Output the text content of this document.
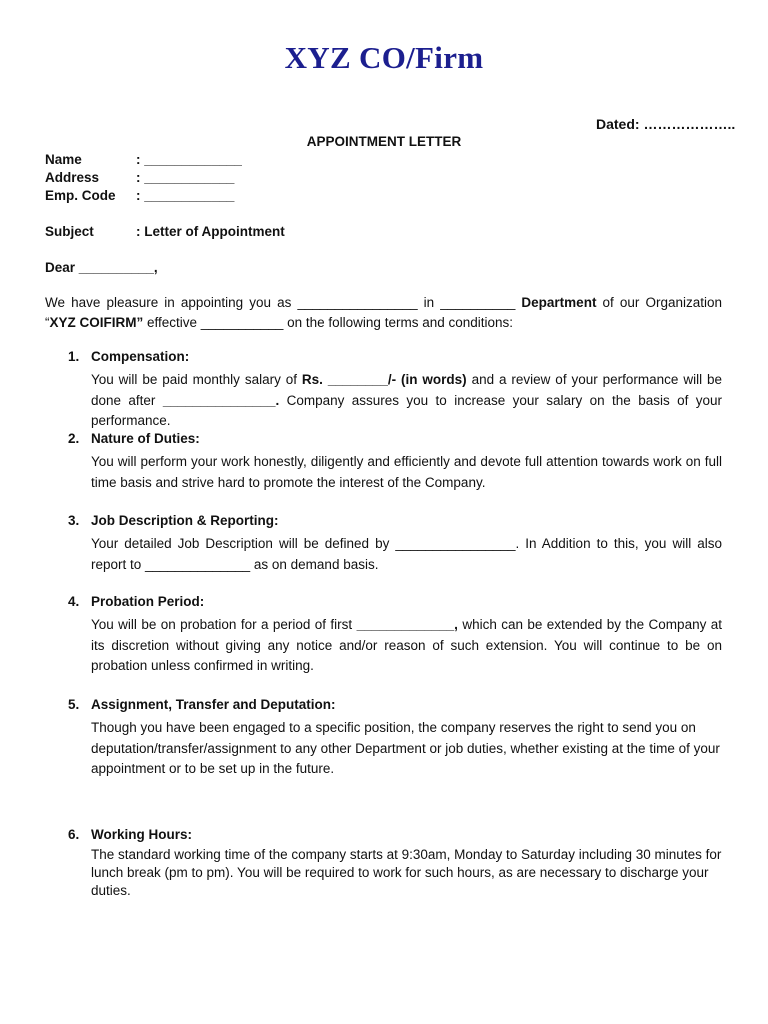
XYZ CO/Firm
Dated: ………………..
APPOINTMENT LETTER
Name	: _____________
Address	: ____________
Emp. Code : ____________
Subject	: Letter of Appointment
Dear __________,
We have pleasure in appointing you as ________________ in __________ Department of our Organization “XYZ COIFIRM” effective ___________ on the following terms and conditions:
1. Compensation:
You will be paid monthly salary of Rs. ________/- (in words) and a review of your performance will be done after _______________. Company assures you to increase your salary on the basis of your performance.
2. Nature of Duties:
You will perform your work honestly, diligently and efficiently and devote full attention towards work on full time basis and strive hard to promote the interest of the Company.
3. Job Description & Reporting:
Your detailed Job Description will be defined by ________________. In Addition to this, you will also report to ______________ as on demand basis.
4. Probation Period:
You will be on probation for a period of first _____________, which can be extended by the Company at its discretion without giving any notice and/or reason of such extension. You will continue to be on probation unless confirmed in writing.
5. Assignment, Transfer and Deputation:
Though you have been engaged to a specific position, the company reserves the right to send you on deputation/transfer/assignment to any other Department or job duties, whether existing at the time of your appointment or to be set up in the future.
6. Working Hours:
The standard working time of the company starts at 9:30am, Monday to Saturday including 30 minutes for lunch break (pm to pm). You will be required to work for such hours, as are necessary to discharge your duties.
